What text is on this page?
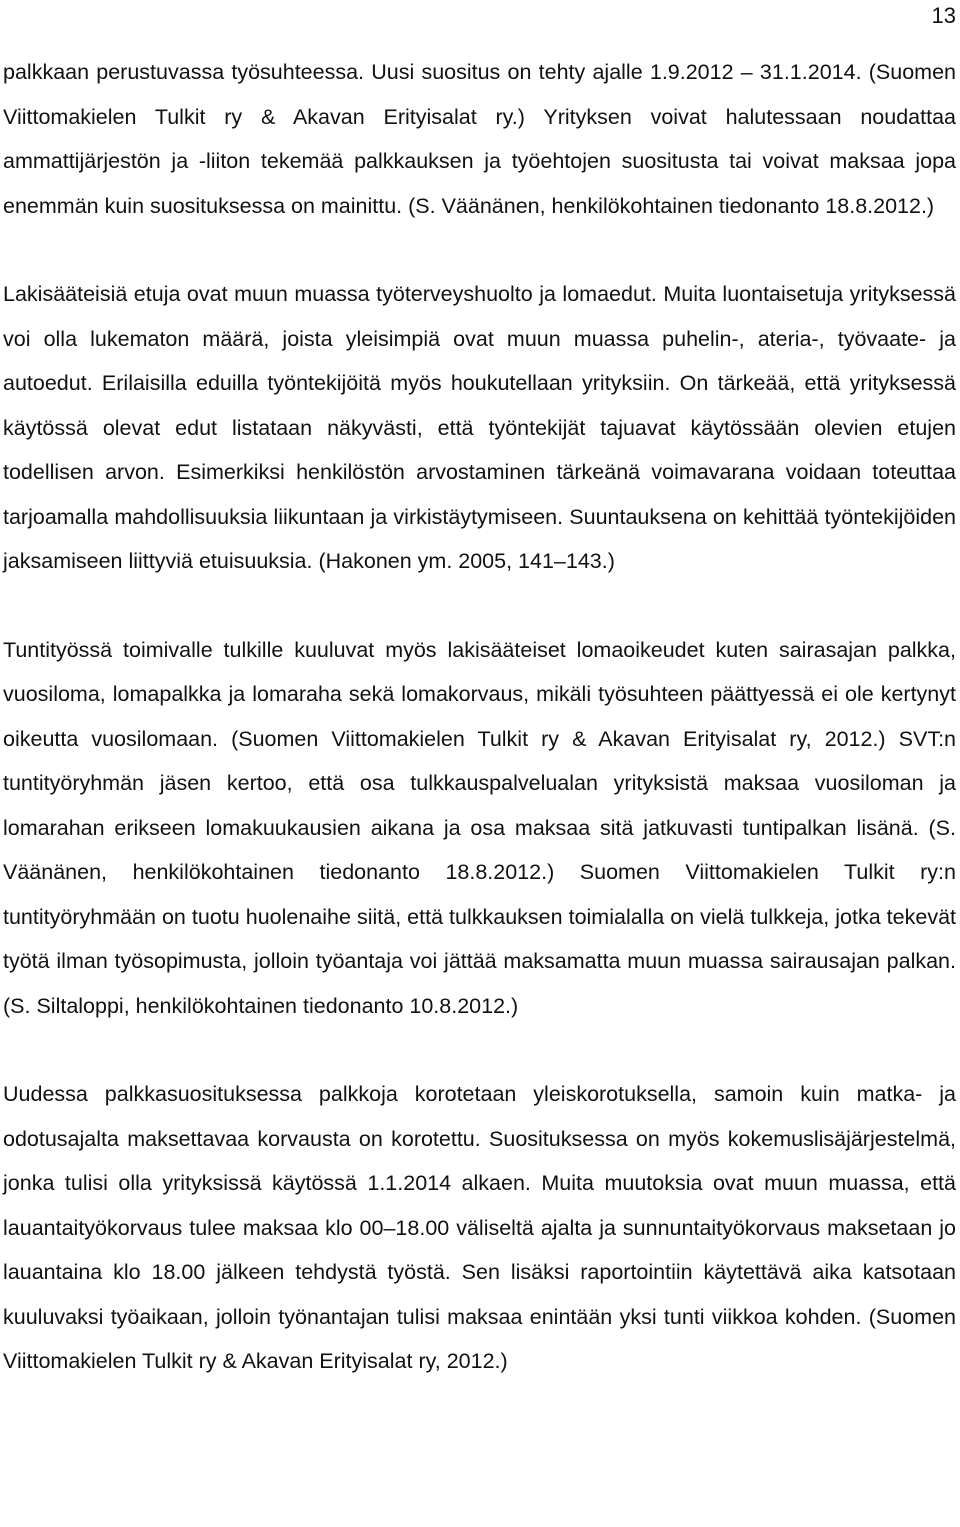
13

palkkaan perustuvassa työsuhteessa. Uusi suositus on tehty ajalle 1.9.2012 – 31.1.2014. (Suomen Viittomakielen Tulkit ry & Akavan Erityisalat ry.) Yrityksen voivat halutessaan noudattaa ammattijärjestön ja -liiton tekemää palkkauksen ja työehtojen suositusta tai voivat maksaa jopa enemmän kuin suosituksessa on mainittu. (S. Väänänen, henkilökohtainen tiedonanto 18.8.2012.)

Lakisääteisiä etuja ovat muun muassa työterveyshuolto ja lomaedut. Muita luontaisetuja yrityksessä voi olla lukematon määrä, joista yleisimpiä ovat muun muassa puhelin-, ateria-, työvaate- ja autoedut. Erilaisilla eduilla työntekijöitä myös houkutellaan yrityksiin. On tärkeää, että yrityksessä käytössä olevat edut listataan näkyvästi, että työntekijät tajuavat käytössään olevien etujen todellisen arvon. Esimerkiksi henkilöstön arvostaminen tärkeänä voimavarana voidaan toteuttaa tarjoamalla mahdollisuuksia liikuntaan ja virkistäytymiseen. Suuntauksena on kehittää työntekijöiden jaksamiseen liittyviä etuisuuksia. (Hakonen ym. 2005, 141–143.)

Tuntityössä toimivalle tulkille kuuluvat myös lakisääteiset lomaoikeudet kuten sairasajan palkka, vuosiloma, lomapalkka ja lomaraha sekä lomakorvaus, mikäli työsuhteen päättyessä ei ole kertynyt oikeutta vuosilomaan. (Suomen Viittomakielen Tulkit ry & Akavan Erityisalat ry, 2012.) SVT:n tuntityöryhmän jäsen kertoo, että osa tulkkauspalvelualan yrityksistä maksaa vuosiloman ja lomarahan erikseen lomakuukausien aikana ja osa maksaa sitä jatkuvasti tuntipalkan lisänä. (S. Väänänen, henkilökohtainen tiedonanto 18.8.2012.) Suomen Viittomakielen Tulkit ry:n tuntityöryhmään on tuotu huolenaihe siitä, että tulkkauksen toimialalla on vielä tulkkeja, jotka tekevät työtä ilman työsopimusta, jolloin työantaja voi jättää maksamatta muun muassa sairausajan palkan. (S. Siltaloppi, henkilökohtainen tiedonanto 10.8.2012.)

Uudessa palkkasuosituksessa palkkoja korotetaan yleiskorotuksella, samoin kuin matka- ja odotusajalta maksettavaa korvausta on korotettu. Suosituksessa on myös kokemuslisäjärjestelmä, jonka tulisi olla yrityksissä käytössä 1.1.2014 alkaen. Muita muutoksia ovat muun muassa, että lauantaityökorvaus tulee maksaa klo 00–18.00 väliseltä ajalta ja sunnuntaityökorvaus maksetaan jo lauantaina klo 18.00 jälkeen tehdystä työstä. Sen lisäksi raportointiin käytettävä aika katsotaan kuuluvaksi työaikaan, jolloin työnantajan tulisi maksaa enintään yksi tunti viikkoa kohden. (Suomen Viittomakielen Tulkit ry & Akavan Erityisalat ry, 2012.)
